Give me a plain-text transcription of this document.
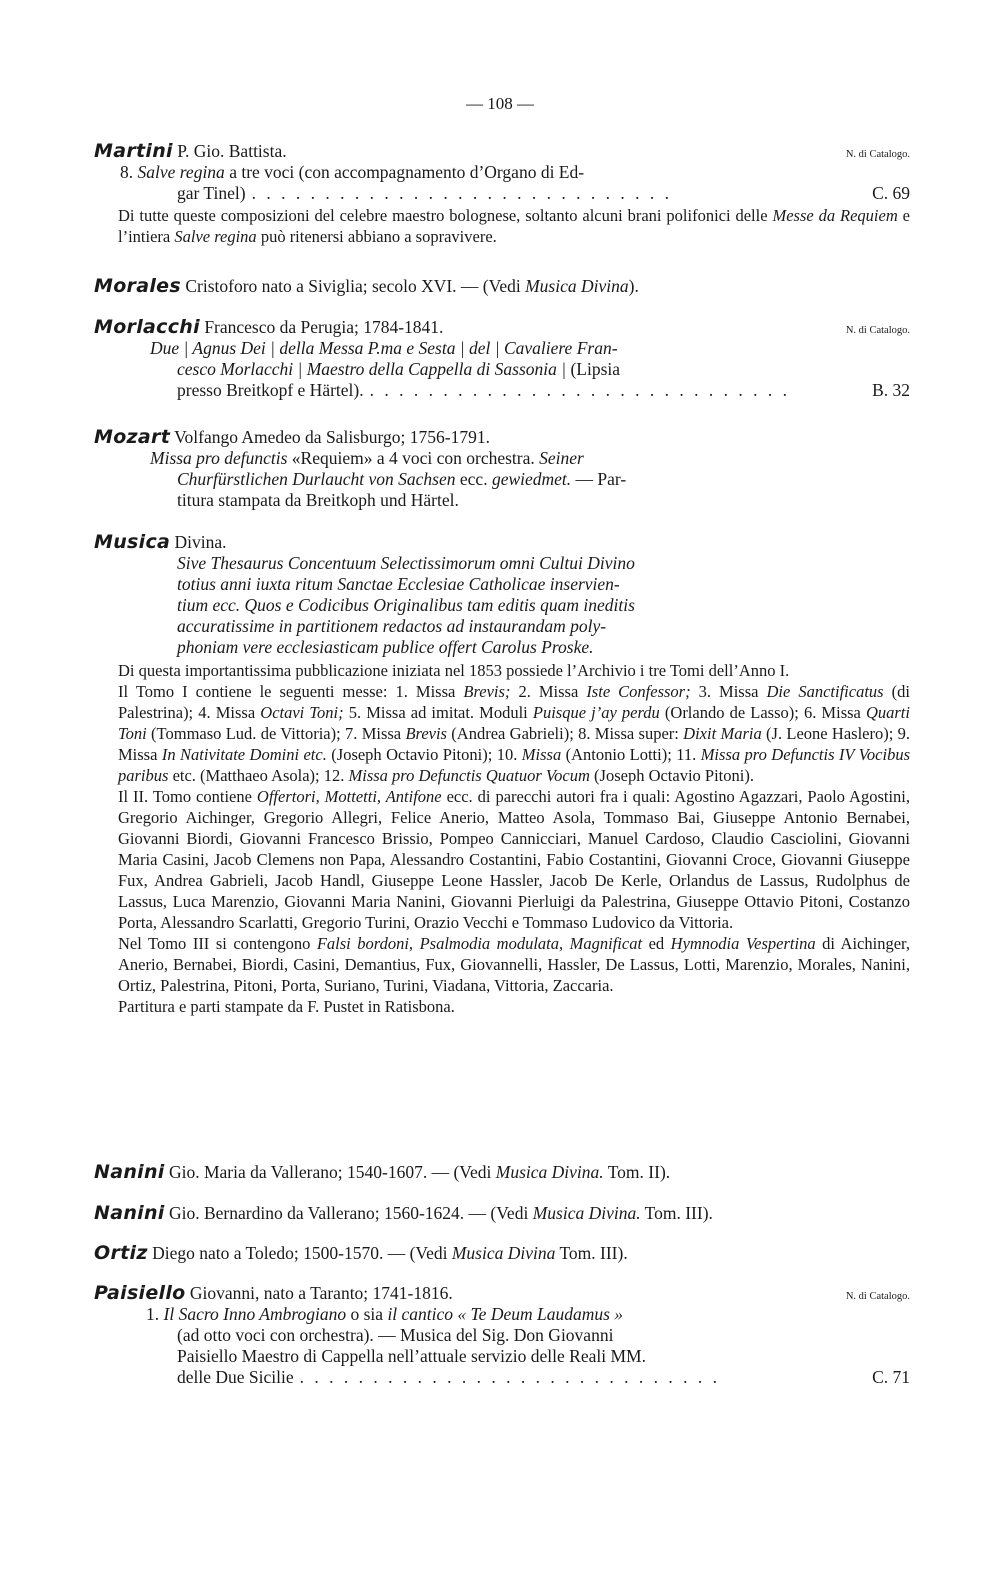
— 108 —
Martini P. Gio. Battista.	N. di Catalogo.
8. Salve regina a tre voci (con accompagnamento d’Organo di Ed-
gar Tinel) . . . . . . . . . . . . . . . . . . . . . . . . . . . . .	C. 69
Di tutte queste composizioni del celebre maestro bolognese, soltanto alcuni brani polifonici delle Messe da Requiem e l’intiera Salve regina può ritenersi abbiano a sopravivere.
Morales Cristoforo nato a Siviglia; secolo XVI. — (Vedi Musica Divina).
Morlacchi Francesco da Perugia; 1784-1841.	N. di Catalogo.
Due | Agnus Dei | della Messa P.ma e Sesta | del | Cavaliere Fran-
cesco Morlacchi | Maestro della Cappella di Sassonia | (Lipsia
presso Breitkopf e Härtel). . . . . . . . . . . . . . . . . . . . . . . . . . . . . .	B. 32
Mozart Volfango Amedeo da Salisburgo; 1756-1791.
Missa pro defunctis «Requiem» a 4 voci con orchestra. Seiner
Churfürstlichen Durlaucht von Sachsen ecc. gewiedmet. — Par-
titura stampata da Breitkoph und Härtel.
Musica Divina.
Sive Thesaurus Concentuum Selectissimorum omni Cultui Divino
totius anni iuxta ritum Sanctae Ecclesiae Catholicae inservien-
tium ecc. Quos e Codicibus Originalibus tam editis quam ineditis
accuratissime in partitionem redactos ad instaurandam poly-
phoniam vere ecclesiasticam publice offert Carolus Proske.
Di questa importantissima pubblicazione iniziata nel 1853 possiede l’Archivio i tre Tomi dell’Anno I.
Il Tomo I contiene le seguenti messe: 1. Missa Brevis; 2. Missa Iste Confessor; 3. Missa Die Sanctificatus (di Palestrina); 4. Missa Octavi Toni; 5. Missa ad imitat. Moduli Puisque j’ay perdu (Orlando de Lasso); 6. Missa Quarti Toni (Tommaso Lud. de Vittoria); 7. Missa Brevis (Andrea Gabrieli); 8. Missa super: Dixit Maria (J. Leone Haslero); 9. Missa In Nativitate Domini etc. (Joseph Octavio Pitoni); 10. Missa (Antonio Lotti); 11. Missa pro Defunctis IV Vocibus paribus etc. (Matthaeo Asola); 12. Missa pro Defunctis Quatuor Vocum (Joseph Octavio Pitoni).
Il II. Tomo contiene Offertori, Mottetti, Antifone ecc. di parecchi autori fra i quali: Agostino Agazzari, Paolo Agostini, Gregorio Aichinger, Gregorio Allegri, Felice Anerio, Matteo Asola, Tommaso Bai, Giuseppe Antonio Bernabei, Giovanni Biordi, Giovanni Francesco Brissio, Pompeo Cannicciari, Manuel Cardoso, Claudio Casciolini, Giovanni Maria Casini, Jacob Clemens non Papa, Alessandro Costantini, Fabio Costantini, Giovanni Croce, Giovanni Giuseppe Fux, Andrea Gabrieli, Jacob Handl, Giuseppe Leone Hassler, Jacob De Kerle, Orlandus de Lassus, Rudolphus de Lassus, Luca Marenzio, Giovanni Maria Nanini, Giovanni Pierluigi da Palestrina, Giuseppe Ottavio Pitoni, Costanzo Porta, Alessandro Scarlatti, Gregorio Turini, Orazio Vecchi e Tommaso Ludovico da Vittoria.
Nel Tomo III si contengono Falsi bordoni, Psalmodia modulata, Magnificat ed Hymnodia Vespertina di Aichinger, Anerio, Bernabei, Biordi, Casini, Demantius, Fux, Giovannelli, Hassler, De Lassus, Lotti, Marenzio, Morales, Nanini, Ortiz, Palestrina, Pitoni, Porta, Suriano, Turini, Viadana, Vittoria, Zaccaria.
Partitura e parti stampate da F. Pustet in Ratisbona.
Nanini Gio. Maria da Vallerano; 1540-1607. — (Vedi Musica Divina. Tom. II).
Nanini Gio. Bernardino da Vallerano; 1560-1624. — (Vedi Musica Divina. Tom. III).
Ortiz Diego nato a Toledo; 1500-1570. — (Vedi Musica Divina Tom. III).
Paisiello Giovanni, nato a Taranto; 1741-1816.	N. di Catalogo.
1. Il Sacro Inno Ambrogiano o sia il cantico « Te Deum Laudamus »
(ad otto voci con orchestra). — Musica del Sig. Don Giovanni
Paisiello Maestro di Cappella nell’attuale servizio delle Reali MM.
delle Due Sicilie . . . . . . . . . . . . . . . . . . . . . . . . . . . . .	C. 71
